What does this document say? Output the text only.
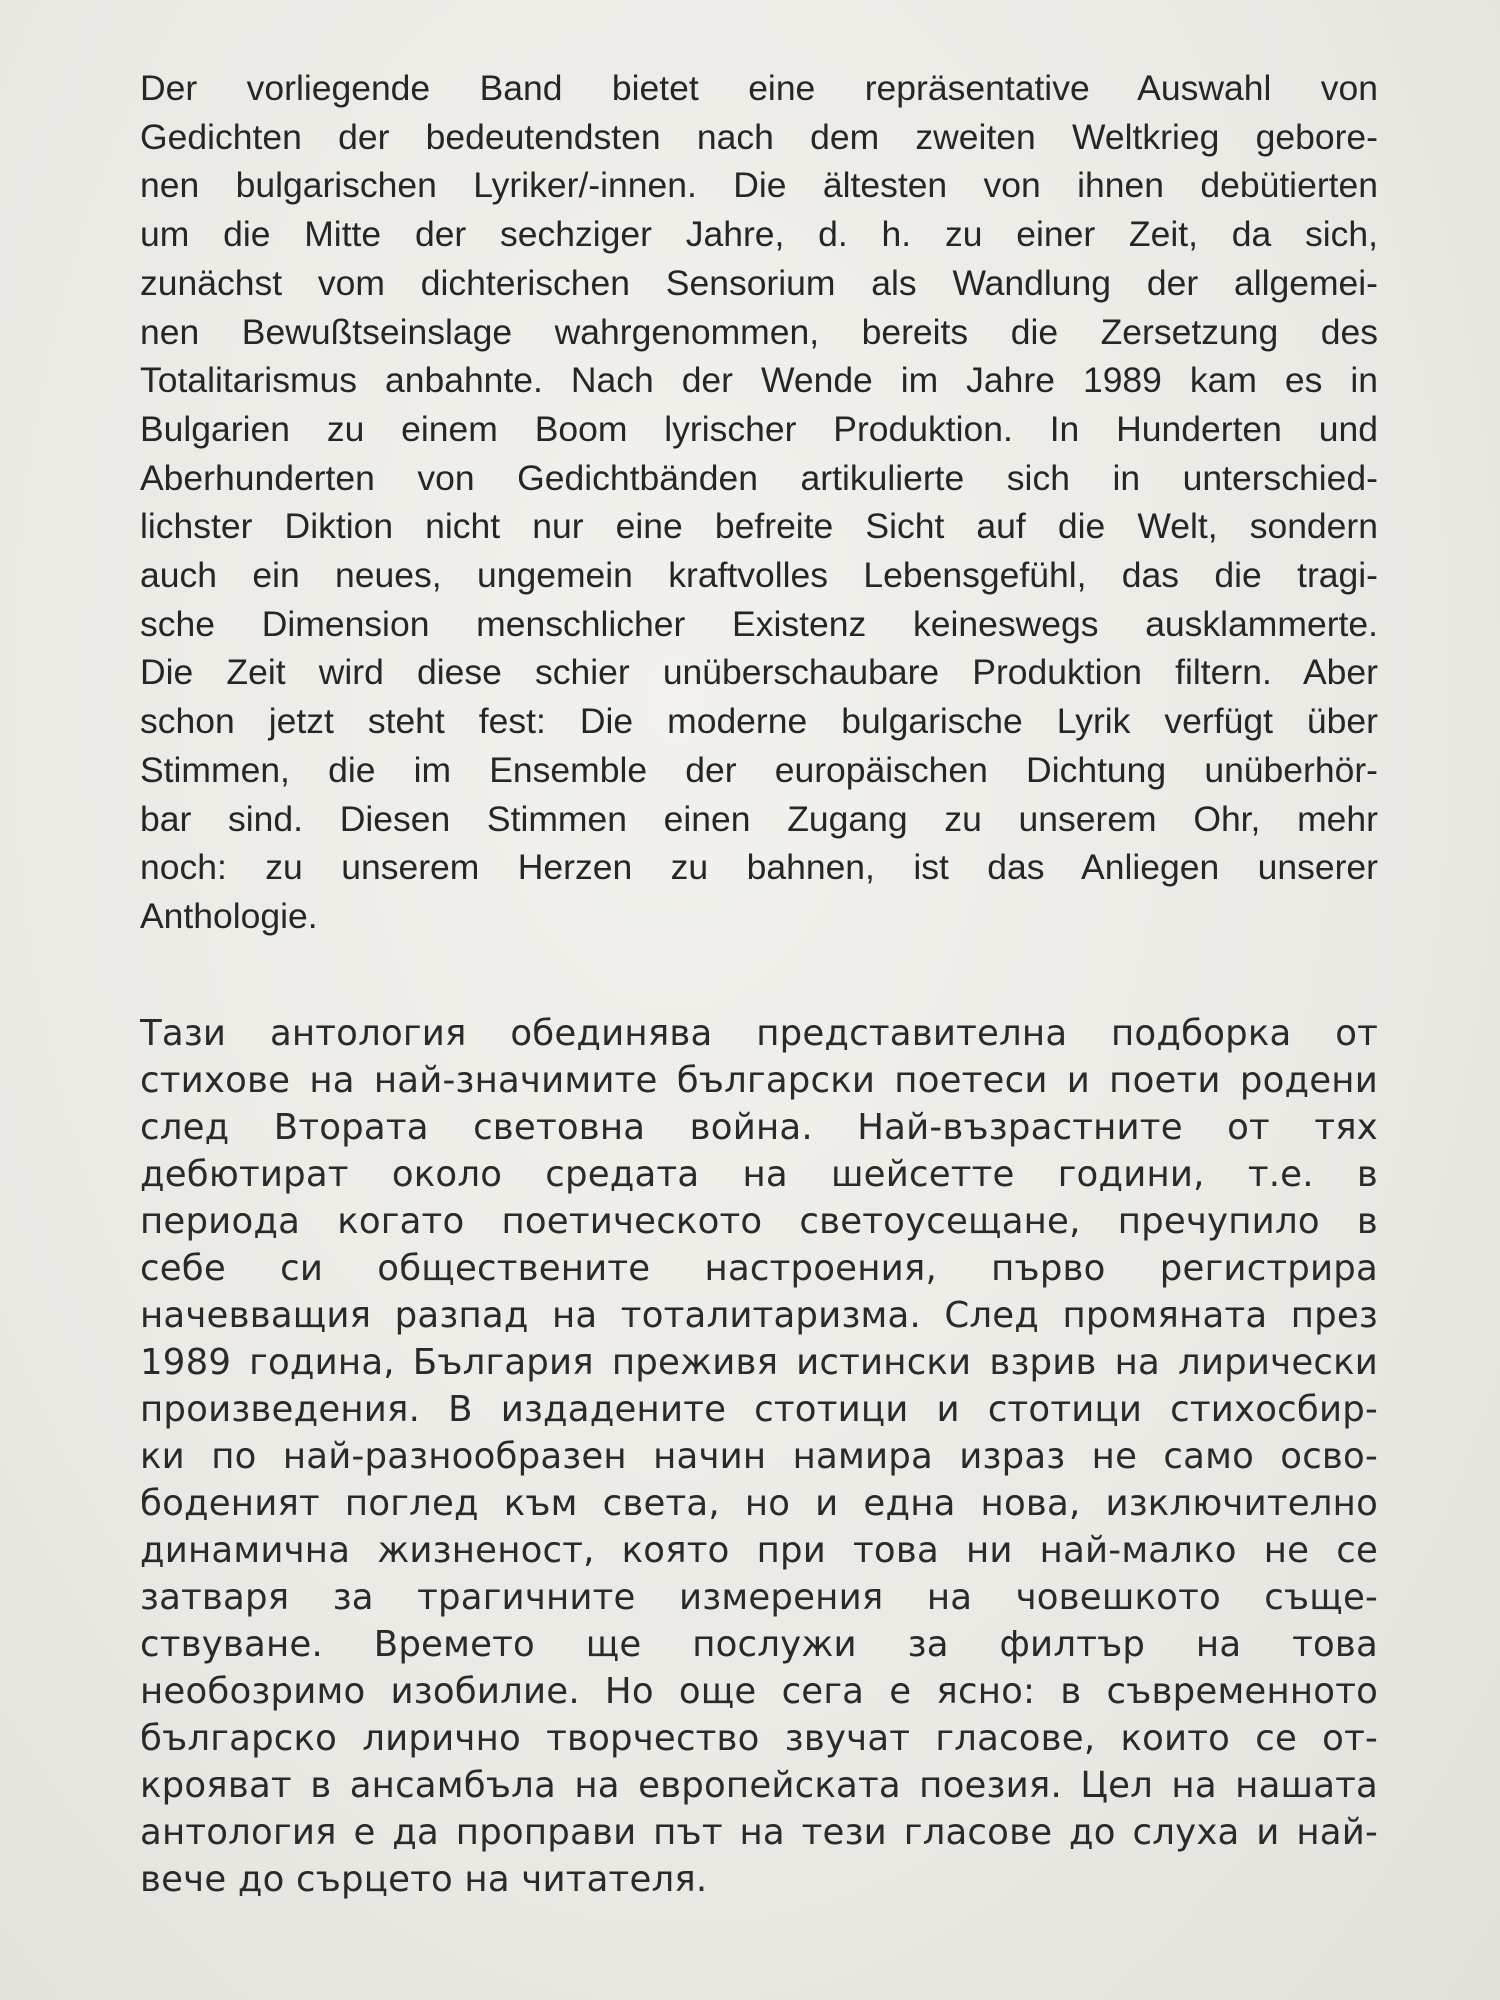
Der vorliegende Band bietet eine repräsentative Auswahl von
Gedichten der bedeutendsten nach dem zweiten Weltkrieg gebore-
nen bulgarischen Lyriker/-innen. Die ältesten von ihnen debütierten
um die Mitte der sechziger Jahre, d. h. zu einer Zeit, da sich,
zunächst vom dichterischen Sensorium als Wandlung der allgemei-
nen Bewußtseinslage wahrgenommen, bereits die Zersetzung des
Totalitarismus anbahnte. Nach der Wende im Jahre 1989 kam es in
Bulgarien zu einem Boom lyrischer Produktion. In Hunderten und
Aberhunderten von Gedichtbänden artikulierte sich in unterschied-
lichster Diktion nicht nur eine befreite Sicht auf die Welt, sondern
auch ein neues, ungemein kraftvolles Lebensgefühl, das die tragi-
sche Dimension menschlicher Existenz keineswegs ausklammerte.
Die Zeit wird diese schier unüberschaubare Produktion filtern. Aber
schon jetzt steht fest: Die moderne bulgarische Lyrik verfügt über
Stimmen, die im Ensemble der europäischen Dichtung unüberhör-
bar sind. Diesen Stimmen einen Zugang zu unserem Ohr, mehr
noch: zu unserem Herzen zu bahnen, ist das Anliegen unserer
Anthologie.
Тази антология обединява представителна подборка от
стихове на най-значимите български поетеси и поети родени
след Втората световна война. Най-възрастните от тях
дебютират около средата на шейсетте години, т.е. в
периода когато поетическото светоусещане, пречупило в
себе си обществените настроения, първо регистрира
начевващия разпад на тоталитаризма. След промяната през
1989 година, България преживя истински взрив на лирически
произведения. В издадените стотици и стотици стихосбир-
ки по най-разнообразен начин намира израз не само осво-
бодeният поглед към света, но и една нова, изключително
динамична жизненост, която при това ни най-малко не се
затваря за трагичните измерения на човешкото съще-
ствуване. Времето ще послужи за филтър на това
необозримо изобилие. Но още сега е ясно: в съвременното
българско лирично творчество звучат гласове, които се от-
крояват в ансамбъла на европейската поезия. Цел на нашата
антология е да проправи път на тези гласове до слуха и най-
вече до сърцето на читателя.
